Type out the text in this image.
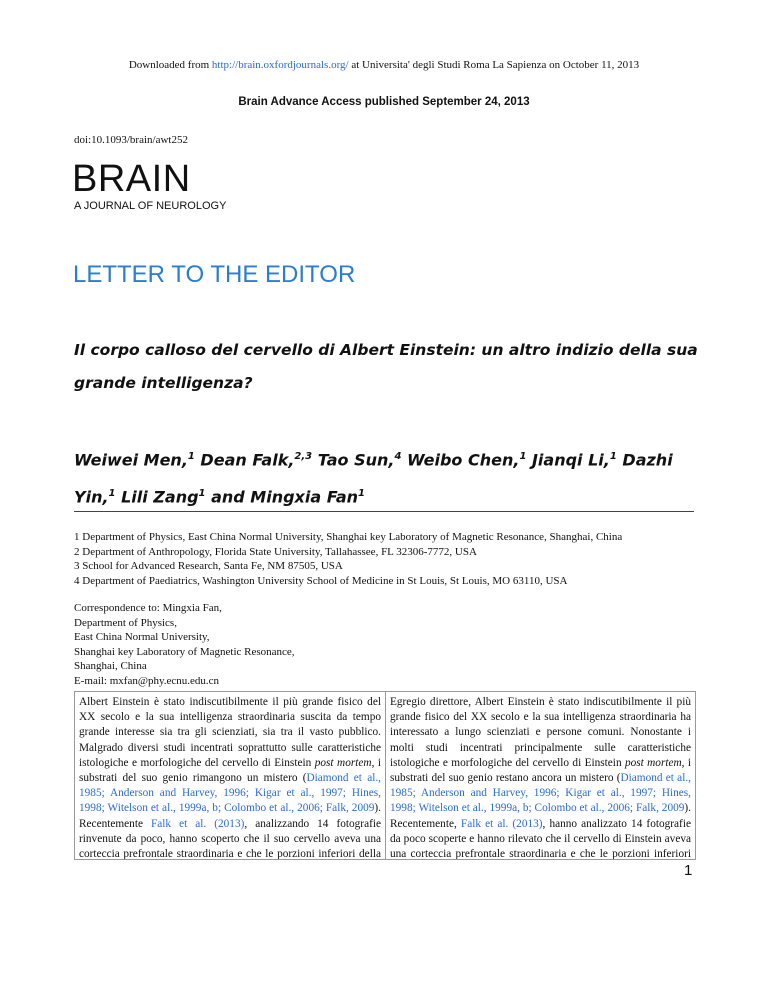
Downloaded from http://brain.oxfordjournals.org/ at Universita' degli Studi Roma La Sapienza on October 11, 2013
Brain Advance Access published September 24, 2013
doi:10.1093/brain/awt252
BRAIN
A JOURNAL OF NEUROLOGY
LETTER TO THE EDITOR
Il corpo calloso del cervello di Albert Einstein: un altro indizio della sua grande intelligenza?
Weiwei Men,$^1$ Dean Falk,$^{2,3}$ Tao Sun,$^4$ Weibo Chen,$^1$ Jianqi Li,$^1$ Dazhi Yin,$^1$ Lili Zang$^1$ and Mingxia Fan$^1$
1 Department of Physics, East China Normal University, Shanghai key Laboratory of Magnetic Resonance, Shanghai, China
2 Department of Anthropology, Florida State University, Tallahassee, FL 32306-7772, USA
3 School for Advanced Research, Santa Fe, NM 87505, USA
4 Department of Paediatrics, Washington University School of Medicine in St Louis, St Louis, MO 63110, USA
Correspondence to: Mingxia Fan,
Department of Physics,
East China Normal University,
Shanghai key Laboratory of Magnetic Resonance,
Shanghai, China
E-mail: mxfan@phy.ecnu.edu.cn
Albert Einstein è stato indiscutibilmente il più grande fisico del XX secolo e la sua intelligenza straordinaria suscita da tempo grande interesse sia tra gli scienziati, sia tra il vasto pubblico. Malgrado diversi studi incentrati soprattutto sulle caratteristiche istologiche e morfologiche del cervello di Einstein post mortem, i substrati del suo genio rimangono un mistero (Diamond et al., 1985; Anderson and Harvey, 1996; Kigar et al., 1997; Hines, 1998; Witelson et al., 1999a, b; Colombo et al., 2006; Falk, 2009). Recentemente Falk et al. (2013), analizzando 14 fotografie rinvenute da poco, hanno scoperto che il suo cervello aveva una corteccia prefrontale straordinaria e che le porzioni inferiori della
Egregio direttore, Albert Einstein è stato indiscutibilmente il più grande fisico del XX secolo e la sua intelligenza straordinaria ha interessato a lungo scienziati e persone comuni. Nonostante i molti studi incentrati principalmente sulle caratteristiche istologiche e morfologiche del cervello di Einstein post mortem, i substrati del suo genio restano ancora un mistero (Diamond et al., 1985; Anderson and Harvey, 1996; Kigar et al., 1997; Hines, 1998; Witelson et al., 1999a, b; Colombo et al., 2006; Falk, 2009). Recentemente, Falk et al. (2013), hanno analizzato 14 fotografie da poco scoperte e hanno rilevato che il cervello di Einstein aveva una corteccia prefrontale straordinaria e che le porzioni inferiori
1
